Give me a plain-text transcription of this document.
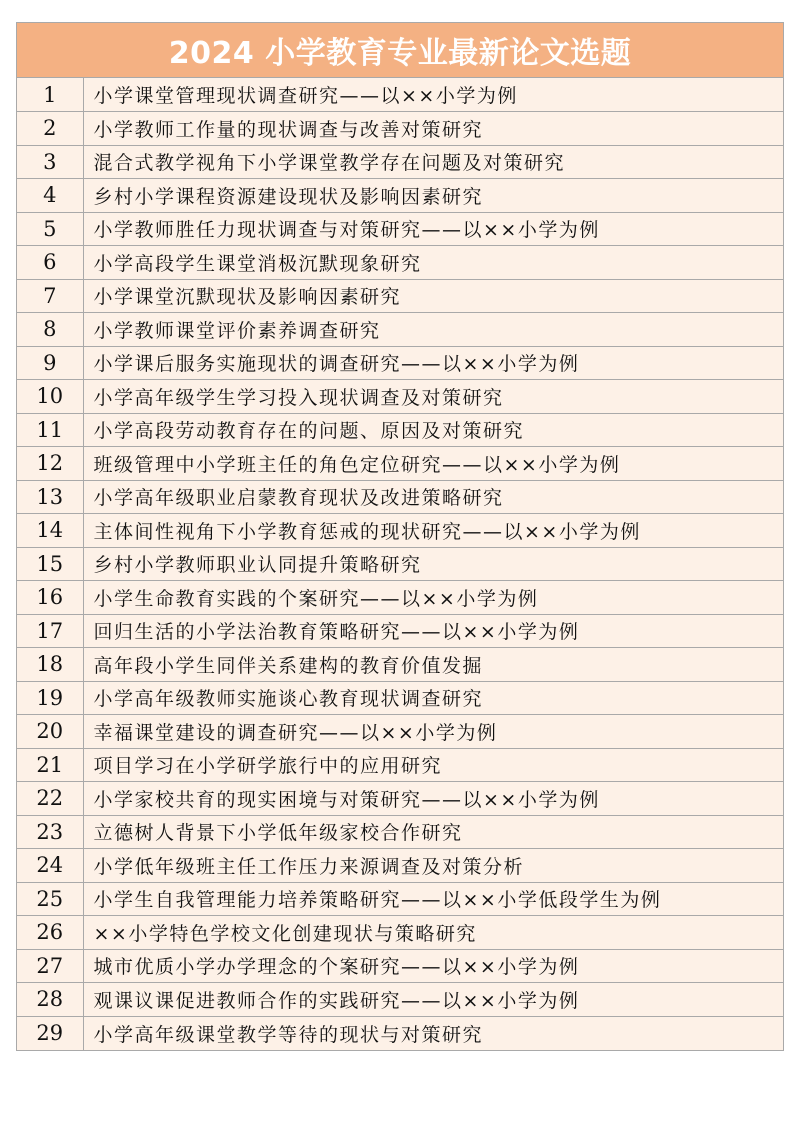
2024 小学教育专业最新论文选题
1	小学课堂管理现状调查研究——以××小学为例
2	小学教师工作量的现状调查与改善对策研究
3	混合式教学视角下小学课堂教学存在问题及对策研究
4	乡村小学课程资源建设现状及影响因素研究
5	小学教师胜任力现状调查与对策研究——以××小学为例
6	小学高段学生课堂消极沉默现象研究
7	小学课堂沉默现状及影响因素研究
8	小学教师课堂评价素养调查研究
9	小学课后服务实施现状的调查研究——以××小学为例
10	小学高年级学生学习投入现状调查及对策研究
11	小学高段劳动教育存在的问题、原因及对策研究
12	班级管理中小学班主任的角色定位研究——以××小学为例
13	小学高年级职业启蒙教育现状及改进策略研究
14	主体间性视角下小学教育惩戒的现状研究——以××小学为例
15	乡村小学教师职业认同提升策略研究
16	小学生命教育实践的个案研究——以××小学为例
17	回归生活的小学法治教育策略研究——以××小学为例
18	高年段小学生同伴关系建构的教育价值发掘
19	小学高年级教师实施谈心教育现状调查研究
20	幸福课堂建设的调查研究——以××小学为例
21	项目学习在小学研学旅行中的应用研究
22	小学家校共育的现实困境与对策研究——以××小学为例
23	立德树人背景下小学低年级家校合作研究
24	小学低年级班主任工作压力来源调查及对策分析
25	小学生自我管理能力培养策略研究——以××小学低段学生为例
26	××小学特色学校文化创建现状与策略研究
27	城市优质小学办学理念的个案研究——以××小学为例
28	观课议课促进教师合作的实践研究——以××小学为例
29	小学高年级课堂教学等待的现状与对策研究
